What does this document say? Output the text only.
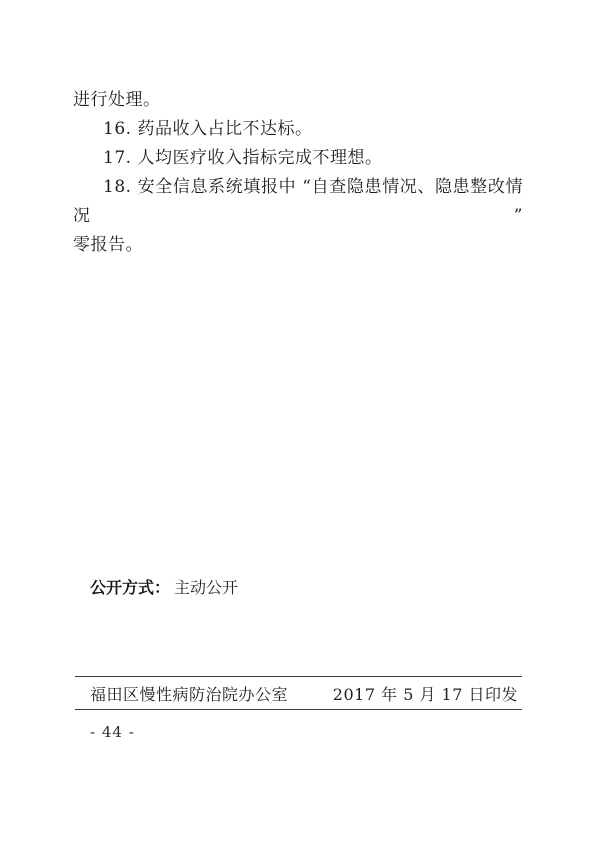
进行处理。
16. 药品收入占比不达标。
17. 人均医疗收入指标完成不理想。
18. 安全信息系统填报中 “自查隐患情况、隐患整改情况”
零报告。
公开方式： 主动公开
福田区慢性病防治院办公室	2017 年 5 月 17 日印发
- 44 -
